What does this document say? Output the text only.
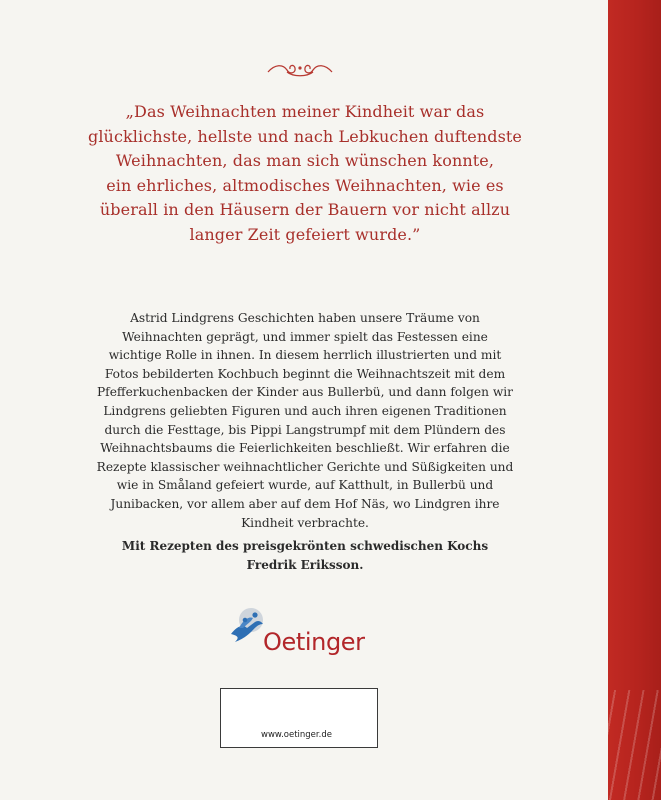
„Das Weihnachten meiner Kindheit war das
glücklichste, hellste und nach Lebkuchen duftendste
Weihnachten, das man sich wünschen konnte,
ein ehrliches, altmodisches Weihnachten, wie es
überall in den Häusern der Bauern vor nicht allzu
langer Zeit gefeiert wurde.”
Astrid Lindgrens Geschichten haben unsere Träume von
Weihnachten geprägt, und immer spielt das Festessen eine
wichtige Rolle in ihnen. In diesem herrlich illustrierten und mit
Fotos bebilderten Kochbuch beginnt die Weihnachtszeit mit dem
Pfefferkuchenbacken der Kinder aus Bullerbü, und dann folgen wir
Lindgrens geliebten Figuren und auch ihren eigenen Traditionen
durch die Festtage, bis Pippi Langstrumpf mit dem Plündern des
Weihnachtsbaums die Feierlichkeiten beschließt. Wir erfahren die
Rezepte klassischer weihnachtlicher Gerichte und Süßigkeiten und
wie in Småland gefeiert wurde, auf Katthult, in Bullerbü und
Junibacken, vor allem aber auf dem Hof Näs, wo Lindgren ihre
Kindheit verbrachte.
Mit Rezepten des preisgekrönten schwedischen Kochs
Fredrik Eriksson.
Oetinger
www.oetinger.de
